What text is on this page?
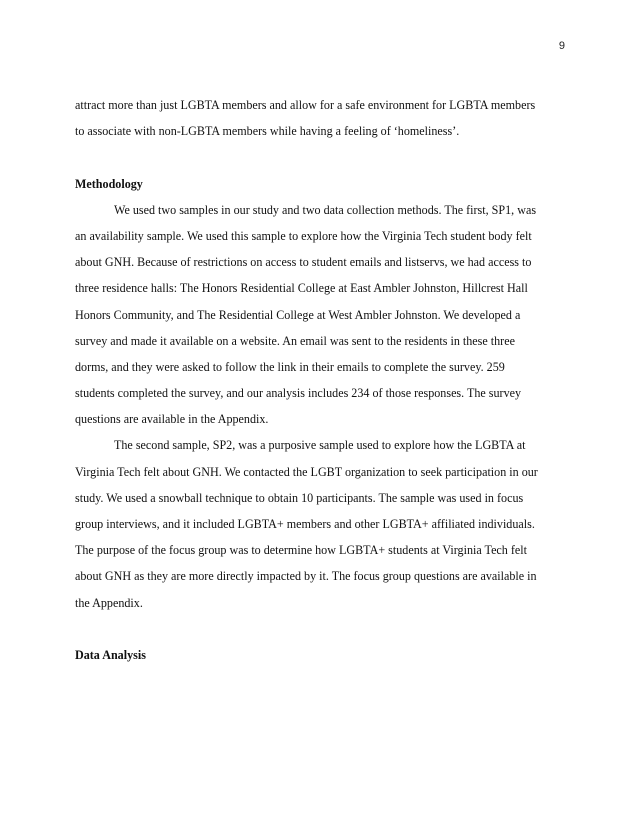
9
attract more than just LGBTA members and allow for a safe environment for LGBTA members
to associate with non-LGBTA members while having a feeling of ‘homeliness’.
Methodology
We used two samples in our study and two data collection methods. The first, SP1, was
an availability sample. We used this sample to explore how the Virginia Tech student body felt
about GNH. Because of restrictions on access to student emails and listservs, we had access to
three residence halls: The Honors Residential College at East Ambler Johnston, Hillcrest Hall
Honors Community, and The Residential College at West Ambler Johnston. We developed a
survey and made it available on a website. An email was sent to the residents in these three
dorms, and they were asked to follow the link in their emails to complete the survey. 259
students completed the survey, and our analysis includes 234 of those responses. The survey
questions are available in the Appendix.
The second sample, SP2, was a purposive sample used to explore how the LGBTA at
Virginia Tech felt about GNH. We contacted the LGBT organization to seek participation in our
study. We used a snowball technique to obtain 10 participants. The sample was used in focus
group interviews, and it included LGBTA+ members and other LGBTA+ affiliated individuals.
The purpose of the focus group was to determine how LGBTA+ students at Virginia Tech felt
about GNH as they are more directly impacted by it. The focus group questions are available in
the Appendix.
Data Analysis
